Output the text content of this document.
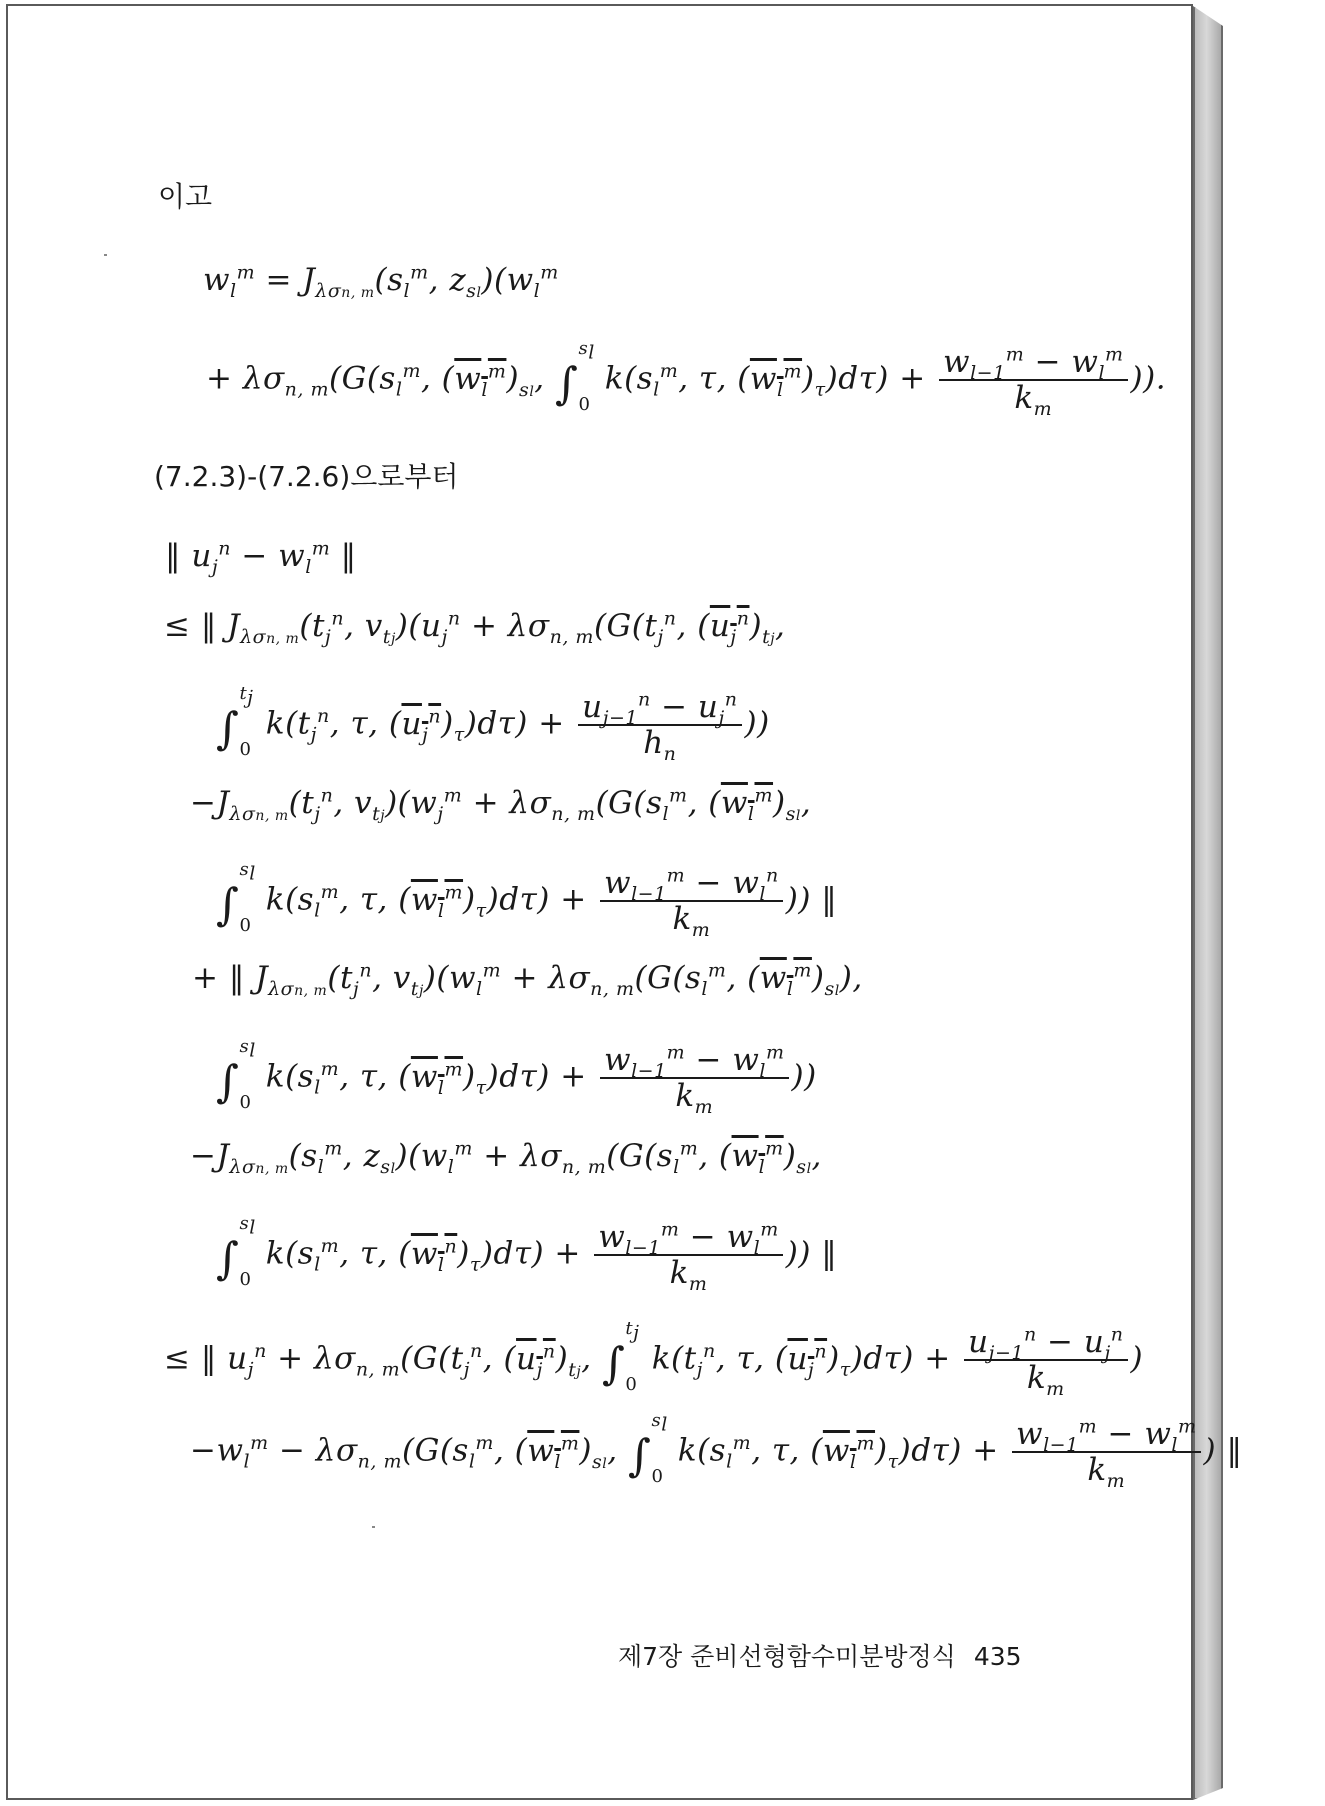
이고
$w_l^m = J_{\lambda\sigma n, m}(s_l^m$, $z_{sl})(w_l^m$
+ $\lambda\sigma_{n, m}(G(s_l^m$, $(w_l^m)_{sl}$, ∫
$s_l$
0
$k(s_l^m$, τ, $(w_l^m)_\tau)d\tau) + \frac{w_{l-1}^m - w_l^m}{k_m}$ )).
(7.2.3)-(7.2.6)으로부터
‖ $u_j^n - w_l^m$ ‖
≤ ‖ $J_{\lambda\sigma n, m}(t_j^n$, $v_{tj})(u_j^n + \lambda\sigma_{n, m}(G(t_j^n$, $(u_j^n)_{tj}$,
∫
$t_j$
0
$k(t_j^n$, τ, $(u_j^n)_\tau)d\tau) + \frac{u_{j-1}^n - u_j^n}{h_n}$ ))
$-J_{\lambda\sigma n, m}(t_j^n$, $v_{tj})(w_j^m + \lambda\sigma_{n, m}(G(s_l^m$, $(w_l^m)_{sl}$,
∫
$s_l$
0
$k(s_l^m$, τ, $(w_l^m)_\tau)d\tau) + \frac{w_{l-1}^m - w_l^n}{k_m}$ )) ‖
+ ‖ $J_{\lambda\sigma n, m}(t_j^n$, $v_{tj})(w_l^m + \lambda\sigma_{n, m}(G(s_l^m$, $(w_l^m)_{sl}$),
∫
$s_l$
0
$k(s_l^m$, τ, $(w_l^m)_\tau)d\tau) + \frac{w_{l-1}^m - w_l^m}{k_m}$ ))
$-J_{\lambda\sigma n, m}(s_l^m$, $z_{sl})(w_l^m + \lambda\sigma_{n, m}(G(s_l^m$, $(w_l^m)_{sl}$,
∫
$s_l$
0
$k(s_l^m$, τ, $(w_l^n)_\tau)d\tau) + \frac{w_{l-1}^m - w_l^m}{k_m}$ )) ‖
≤ ‖ $u_j^n + \lambda\sigma_{n, m}(G(t_j^n$, $(u_j^n)_{tj}$, ∫
$t_j$
0
$k(t_j^n$, τ, $(u_j^n)_\tau)d\tau) + \frac{u_{j-1}^n - u_j^n}{k_m}$ )
$-w_l^m - \lambda\sigma_{n, m}(G(s_l^m$, $(w_l^m)_{sl}$, ∫
$s_l$
0
$k(s_l^m$, τ, $(w_l^m)_\tau)d\tau) + \frac{w_{l-1}^m - w_l^m}{k_m}$ ) ‖
제7장 준비선형함수미분방정식 435
